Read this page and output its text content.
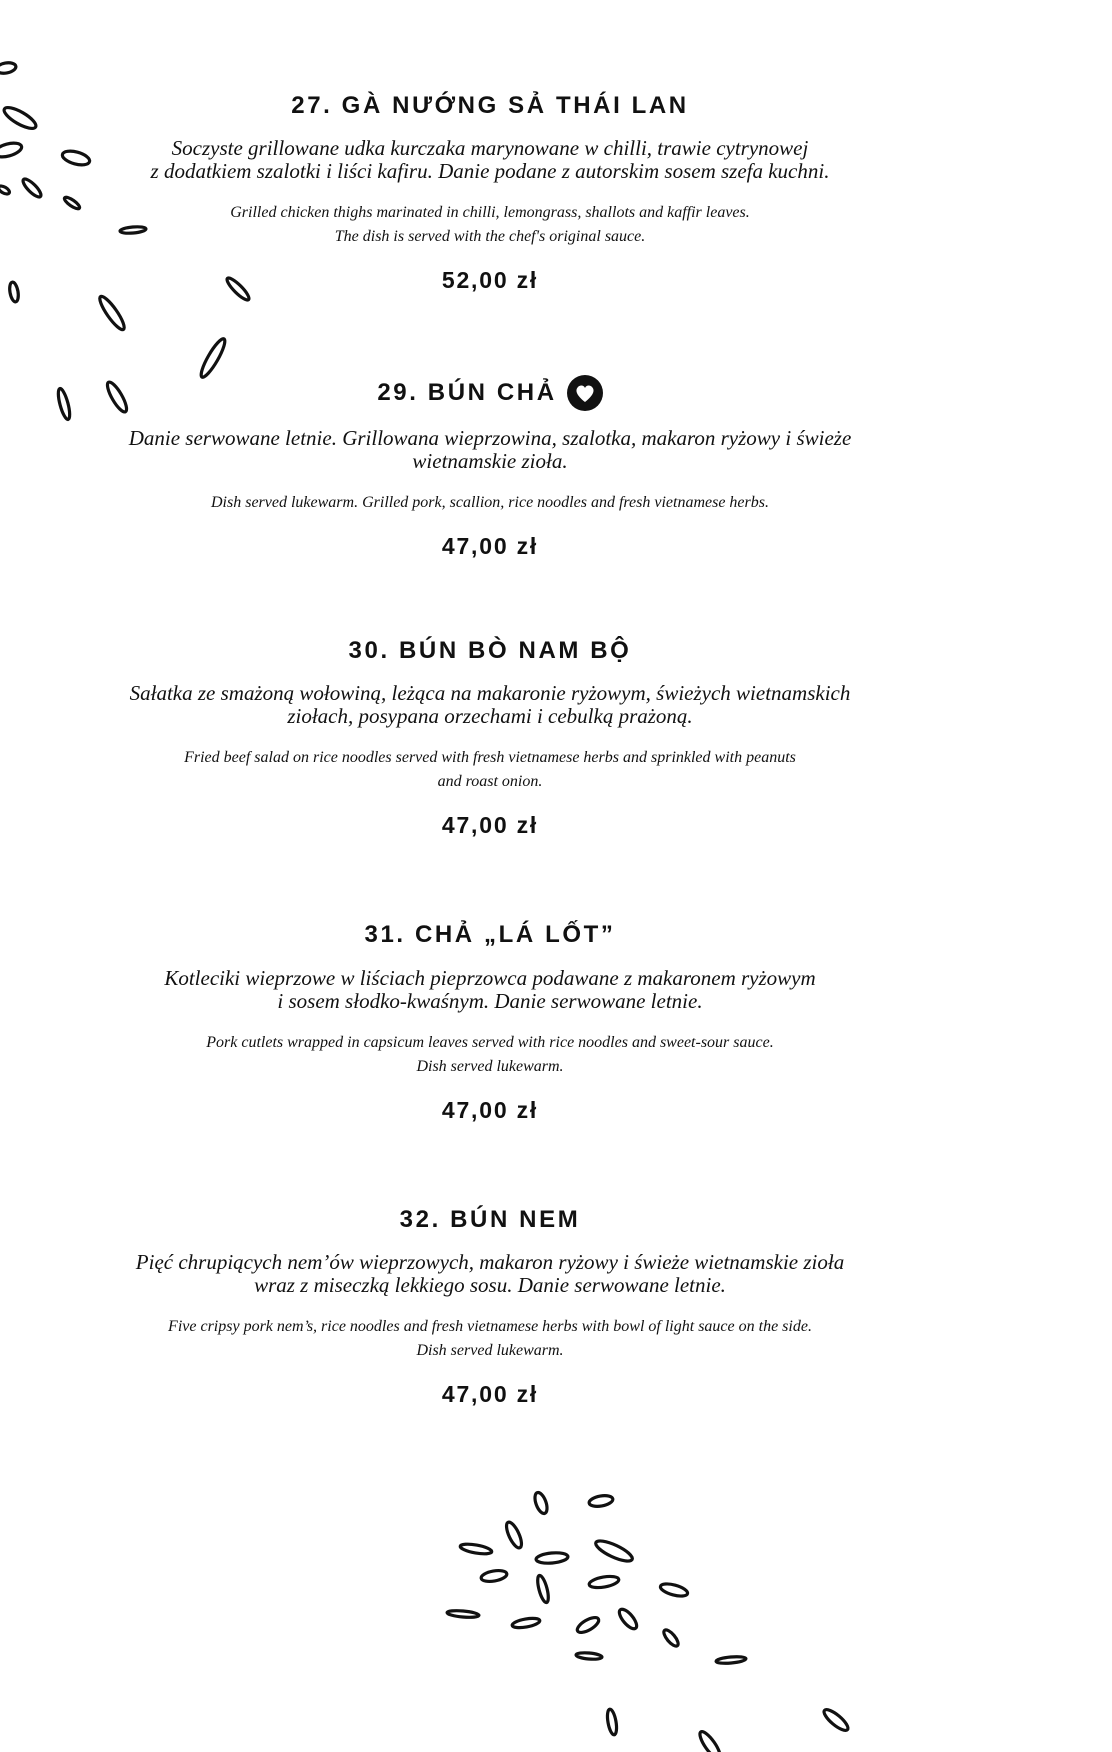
27. GÀ NƯỚNG SẢ THÁI LAN

Soczyste grillowane udka kurczaka marynowane w chilli, trawie cytrynowej
z dodatkiem szalotki i liści kafiru. Danie podane z autorskim sosem szefa kuchni.

Grilled chicken thighs marinated in chilli, lemongrass, shallots and kaffir leaves.
The dish is served with the chef's original sauce.

52,00 zł

29. BÚN CHẢ

Danie serwowane letnie. Grillowana wieprzowina, szalotka, makaron ryżowy i świeże
wietnamskie zioła.

Dish served lukewarm. Grilled pork, scallion, rice noodles and fresh vietnamese herbs.

47,00 zł

30. BÚN BÒ NAM BỘ

Sałatka ze smażoną wołowiną, leżąca na makaronie ryżowym, świeżych wietnamskich
ziołach, posypana orzechami i cebulką prażoną.

Fried beef salad on rice noodles served with fresh vietnamese herbs and sprinkled with peanuts
and roast onion.

47,00 zł

31. CHẢ „LÁ LỐT”

Kotleciki wieprzowe w liściach pieprzowca podawane z makaronem ryżowym
i sosem słodko-kwaśnym. Danie serwowane letnie.

Pork cutlets wrapped in capsicum leaves served with rice noodles and sweet-sour sauce.
Dish served lukewarm.

47,00 zł

32. BÚN NEM

Pięć chrupiących nem’ów wieprzowych, makaron ryżowy i świeże wietnamskie zioła
wraz z miseczką lekkiego sosu. Danie serwowane letnie.

Five cripsy pork nem’s, rice noodles and fresh vietnamese herbs with bowl of light sauce on the side.
Dish served lukewarm.

47,00 zł
